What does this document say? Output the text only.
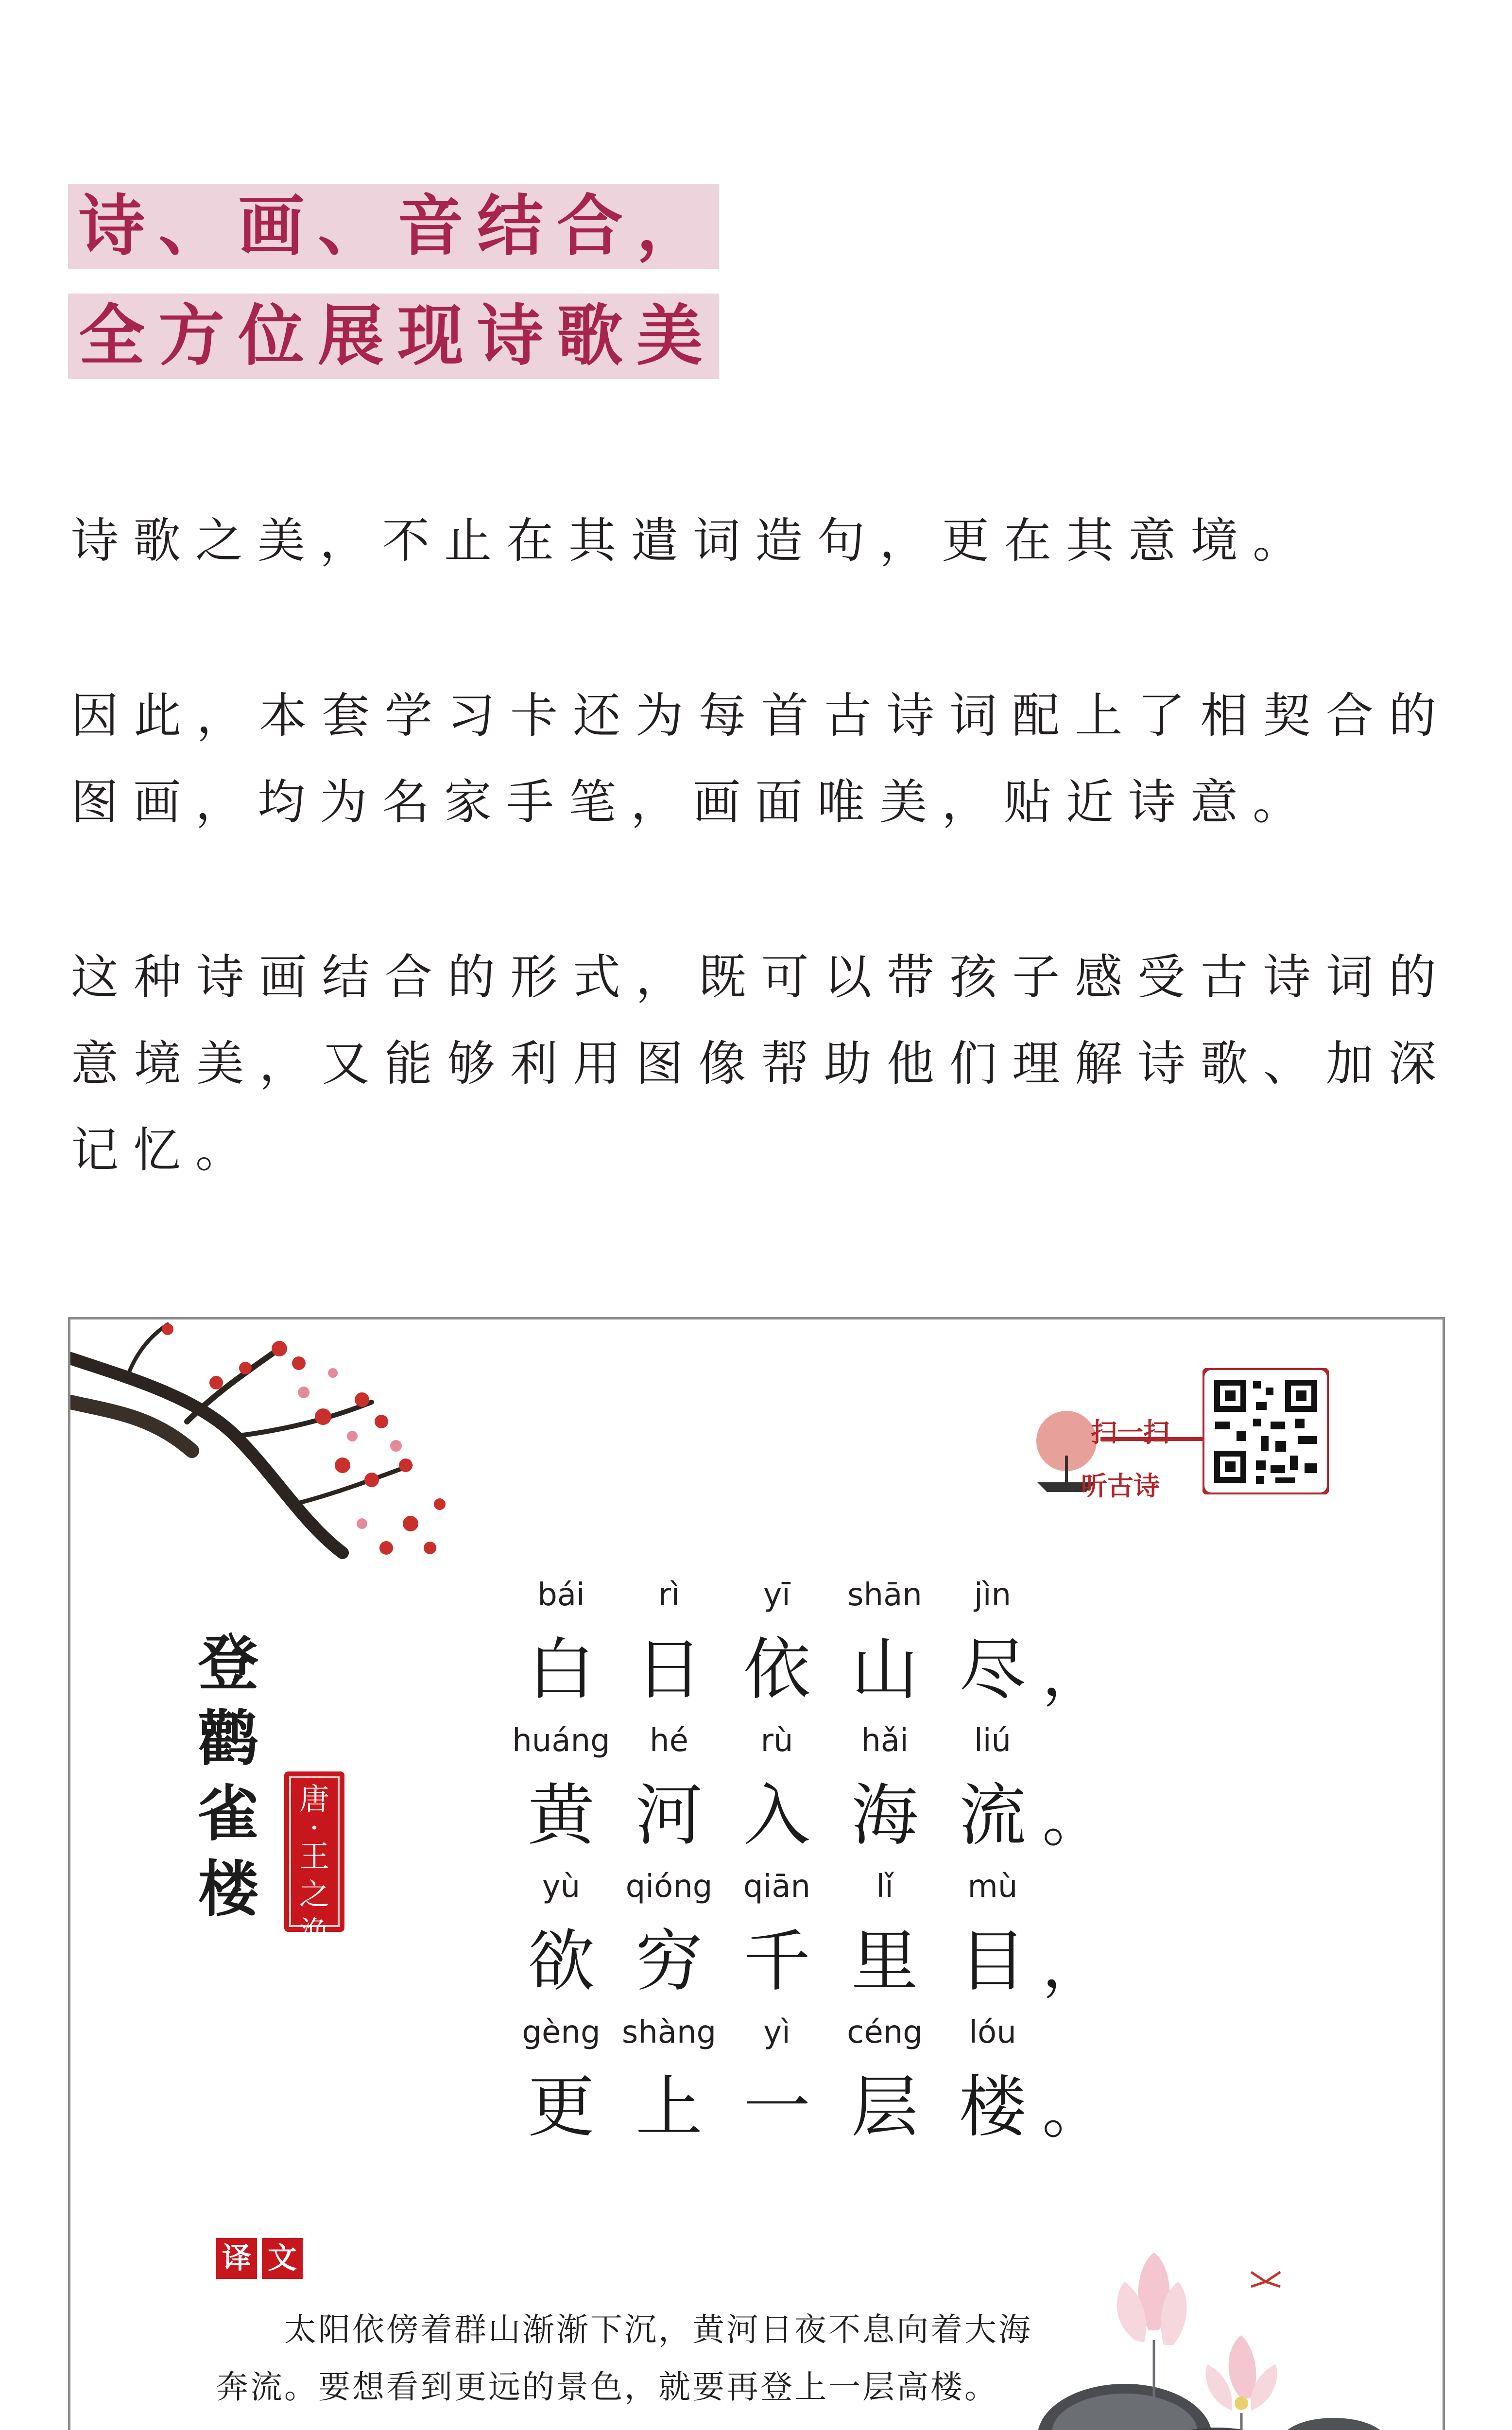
诗、画、音结合，
全方位展现诗歌美
诗歌之美，不止在其遣词造句，更在其意境。
因此，本套学习卡还为每首古诗词配上了相契合的图画，均为名家手笔，画面唯美，贴近诗意。
这种诗画结合的形式，既可以带孩子感受古诗词的意境美，又能够利用图像帮助他们理解诗歌、加深记忆。
扫一扫
听古诗
登
鹳
雀
楼
唐
·
王
之
涣
bái
白
rì
日
yī
依
shān
山
jìn
尽 ，
huáng
黄
hé
河
rù
入
hǎi
海
liú
流 。
yù
欲
qióng
穷
qiān
千
lǐ
里
mù
目 ，
gèng
更
shàng
上
yì
一
céng
层
lóu
楼 。
译 文
太阳依傍着群山渐渐下沉，黄河日夜不息向着大海奔流。要想看到更远的景色，就要再登上一层高楼。
